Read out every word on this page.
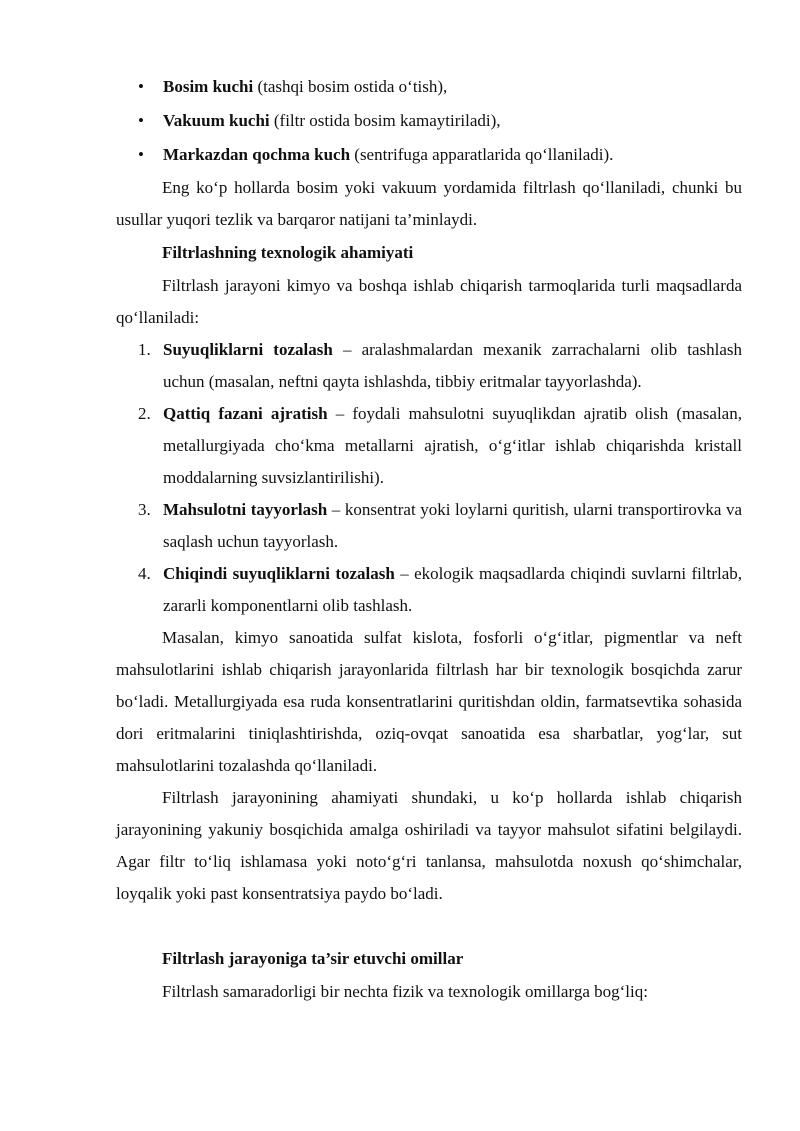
• Bosim kuchi (tashqi bosim ostida o‘tish),
• Vakuum kuchi (filtr ostida bosim kamaytiriladi),
• Markazdan qochma kuch (sentrifuga apparatlarida qo‘llaniladi).

Eng ko‘p hollarda bosim yoki vakuum yordamida filtrlash qo‘llaniladi, chunki bu usullar yuqori tezlik va barqaror natijani ta’minlaydi.

Filtrlashning texnologik ahamiyati

Filtrlash jarayoni kimyo va boshqa ishlab chiqarish tarmoqlarida turli maqsadlarda qo‘llaniladi:

1. Suyuqliklarni tozalash – aralashmalardan mexanik zarrachalarni olib tashlash uchun (masalan, neftni qayta ishlashda, tibbiy eritmalar tayyorlashda).
2. Qattiq fazani ajratish – foydali mahsulotni suyuqlikdan ajratib olish (masalan, metallurgiyada cho‘kma metallarni ajratish, o‘g‘itlar ishlab chiqarishda kristall moddalarning suvsizlantirilishi).
3. Mahsulotni tayyorlash – konsentrat yoki loylarni quritish, ularni transportirovka va saqlash uchun tayyorlash.
4. Chiqindi suyuqliklarni tozalash – ekologik maqsadlarda chiqindi suvlarni filtrlab, zararli komponentlarni olib tashlash.

Masalan, kimyo sanoatida sulfat kislota, fosforli o‘g‘itlar, pigmentlar va neft mahsulotlarini ishlab chiqarish jarayonlarida filtrlash har bir texnologik bosqichda zarur bo‘ladi. Metallurgiyada esa ruda konsentratlarini quritishdan oldin, farmatsevtika sohasida dori eritmalarini tiniqlashtirishda, oziq-ovqat sanoatida esa sharbatlar, yog‘lar, sut mahsulotlarini tozalashda qo‘llaniladi.

Filtrlash jarayonining ahamiyati shundaki, u ko‘p hollarda ishlab chiqarish jarayonining yakuniy bosqichida amalga oshiriladi va tayyor mahsulot sifatini belgilaydi. Agar filtr to‘liq ishlamasa yoki noto‘g‘ri tanlansa, mahsulotda noxush qo‘shimchalar, loyqalik yoki past konsentratsiya paydo bo‘ladi.

Filtrlash jarayoniga ta’sir etuvchi omillar

Filtrlash samaradorligi bir nechta fizik va texnologik omillarga bog‘liq:
